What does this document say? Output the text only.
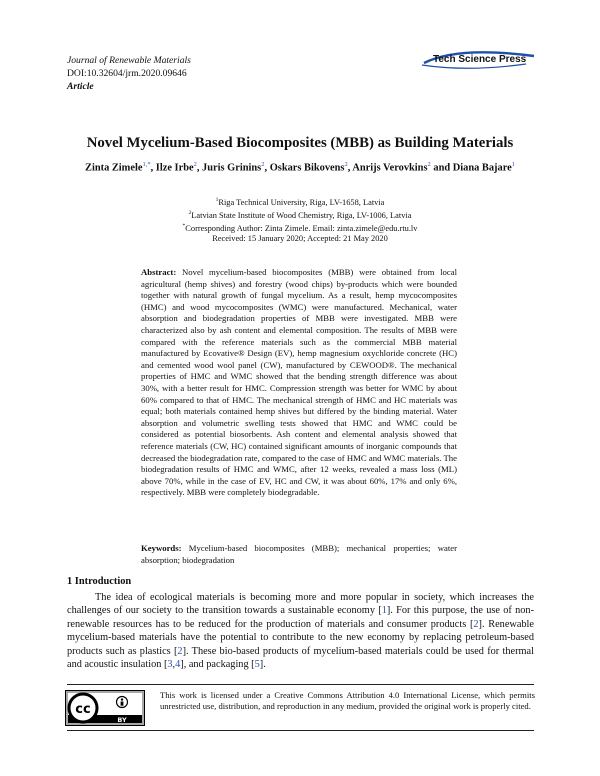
Journal of Renewable Materials
DOI:10.32604/jrm.2020.09646
Article
Tech Science Press
Novel Mycelium-Based Biocomposites (MBB) as Building Materials
Zinta Zimele$^{1,*}$, Ilze Irbe$^2$, Juris Grinins$^2$, Oskars Bikovens$^2$, Anrijs Verovkins$^2$ and Diana Bajare$^1$
$^1$Riga Technical University, Riga, LV-1658, Latvia
$^2$Latvian State Institute of Wood Chemistry, Riga, LV-1006, Latvia
*Corresponding Author: Zinta Zimele. Email: zinta.zimele@edu.rtu.lv
Received: 15 January 2020; Accepted: 21 May 2020
Abstract: Novel mycelium-based biocomposites (MBB) were obtained from local agricultural (hemp shives) and forestry (wood chips) by-products which were bounded together with natural growth of fungal mycelium. As a result, hemp mycocomposites (HMC) and wood mycocomposites (WMC) were manufactured. Mechanical, water absorption and biodegradation properties of MBB were investigated. MBB were characterized also by ash content and elemental composition. The results of MBB were compared with the reference materials such as the commercial MBB material manufactured by Ecovative® Design (EV), hemp magnesium oxychloride concrete (HC) and cemented wood wool panel (CW), manufactured by CEWOOD®. The mechanical properties of HMC and WMC showed that the bending strength difference was about 30%, with a better result for HMC. Compression strength was better for WMC by about 60% compared to that of HMC. The mechanical strength of HMC and HC materials was equal; both materials contained hemp shives but differed by the binding material. Water absorption and volumetric swelling tests showed that HMC and WMC could be considered as potential biosorbents. Ash content and elemental analysis showed that reference materials (CW, HC) contained significant amounts of inorganic compounds that decreased the biodegradation rate, compared to the case of HMC and WMC materials. The biodegradation results of HMC and WMC, after 12 weeks, revealed a mass loss (ML) above 70%, while in the case of EV, HC and CW, it was about 60%, 17% and only 6%, respectively. MBB were completely biodegradable.
Keywords: Mycelium-based biocomposites (MBB); mechanical properties; water absorption; biodegradation
1 Introduction

The idea of ecological materials is becoming more and more popular in society, which increases the challenges of our society to the transition towards a sustainable economy [1]. For this purpose, the use of non-renewable resources has to be reduced for the production of materials and consumer products [2]. Renewable mycelium-based materials have the potential to contribute to the new economy by replacing petroleum-based products such as plastics [2]. These bio-based products of mycelium-based materials could be used for thermal and acoustic insulation [3,4], and packaging [5].

cc
BY
This work is licensed under a Creative Commons Attribution 4.0 International License, which permits unrestricted use, distribution, and reproduction in any medium, provided the original work is properly cited.
